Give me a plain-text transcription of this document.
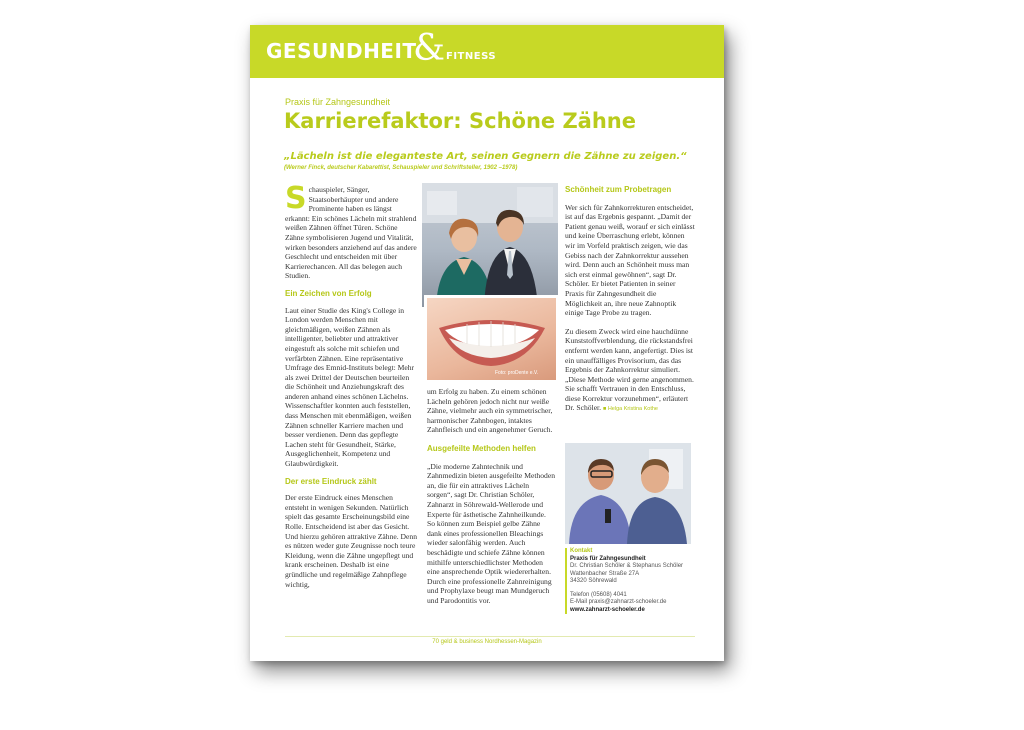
GESUNDHEIT
& FITNESS
Praxis für Zahngesundheit
Karrierefaktor: Schöne Zähne
„Lächeln ist die eleganteste Art, seinen Gegnern die Zähne zu zeigen.“
(Werner Finck, deutscher Kabarettist, Schauspieler und Schriftsteller, 1902 –1978)

Schauspieler, Sänger, Staatsoberhäupter und andere Prominente haben es längst erkannt: Ein schönes Lächeln mit strahlend weißen Zähnen öffnet Türen. Schöne Zähne symbolisieren Jugend und Vitalität, wirken besonders anziehend auf das andere Geschlecht und entscheiden mit über Karrierechancen. All das belegen auch Studien.

Ein Zeichen von Erfolg

Laut einer Studie des King's College in London werden Menschen mit gleichmäßigen, weißen Zähnen als intelligenter, beliebter und attraktiver eingestuft als solche mit schiefen und verfärbten Zähnen. Eine repräsentative Umfrage des Emnid-Instituts belegt: Mehr als zwei Drittel der Deutschen beurteilen die Schönheit und Anziehungskraft des anderen anhand eines schönen Lächelns. Wissenschaftler konnten auch feststellen, dass Menschen mit ebenmäßigen, weißen Zähnen schneller Karriere machen und besser verdienen. Denn das gepflegte Lachen steht für Gesundheit, Stärke, Ausgeglichenheit, Kompetenz und Glaubwürdigkeit.

Der erste Eindruck zählt

Der erste Eindruck eines Menschen entsteht in wenigen Sekunden. Natürlich spielt das gesamte Erscheinungsbild eine Rolle. Entscheidend ist aber das Gesicht. Und hierzu gehören attraktive Zähne. Denn es nützen weder gute Zeugnisse noch teure Kleidung, wenn die Zähne ungepflegt und krank erscheinen. Deshalb ist eine gründliche und regelmäßige Zahnpflege wichtig,

Foto: proDente e.V.

um Erfolg zu haben. Zu einem schönen Lächeln gehören jedoch nicht nur weiße Zähne, vielmehr auch ein symmetrischer, harmonischer Zahnbogen, intaktes Zahnfleisch und ein angenehmer Geruch.

Ausgefeilte Methoden helfen

„Die moderne Zahntechnik und Zahnmedizin bieten ausgefeilte Methoden an, die für ein attraktives Lächeln sorgen“, sagt Dr. Christian Schöler, Zahnarzt in Söhrewald-Wellerode und Experte für ästhetische Zahnheilkunde. So können zum Beispiel gelbe Zähne dank eines professionellen Bleachings wieder salonfähig werden. Auch beschädigte und schiefe Zähne können mithilfe unterschiedlichster Methoden eine ansprechende Optik wiedererhalten. Durch eine professionelle Zahnreinigung und Prophylaxe beugt man Mundgeruch und Parodontitis vor.

Schönheit zum Probetragen

Wer sich für Zahnkorrekturen entscheidet, ist auf das Ergebnis gespannt. „Damit der Patient genau weiß, worauf er sich einlässt und keine Überraschung erlebt, können wir im Vorfeld praktisch zeigen, wie das Gebiss nach der Zahnkorrektur aussehen wird. Denn auch an Schönheit muss man sich erst einmal gewöhnen“, sagt Dr. Schöler. Er bietet Patienten in seiner Praxis für Zahngesundheit die Möglichkeit an, ihre neue Zahnoptik einige Tage Probe zu tragen.

Zu diesem Zweck wird eine hauchdünne Kunststoffverblendung, die rückstandsfrei entfernt werden kann, angefertigt. Dies ist ein unauffälliges Provisorium, das das Ergebnis der Zahnkorrektur simuliert. „Diese Methode wird gerne angenommen. Sie schafft Vertrauen in den Entschluss, diese Korrektur vorzunehmen“, erläutert Dr. Schöler. ■ Helga Kristina Kothe

Kontakt
Praxis für Zahngesundheit
Dr. Christian Schöler & Stephanus Schöler
Wattenbacher Straße 27A
34320 Söhrewald
Telefon (05608) 4041
E-Mail praxis@zahnarzt-schoeler.de
www.zahnarzt-schoeler.de
70 geld & business Nordhessen-Magazin
